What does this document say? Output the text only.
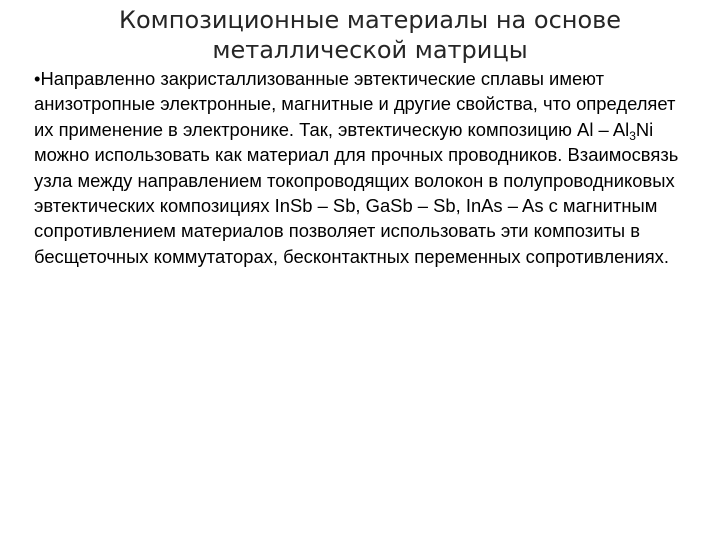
Композиционные материалы на основе
металлической матрицы

•Направленно закристаллизованные эвтектические сплавы имеют анизотропные электронные, магнитные и другие свойства, что определяет их применение в электронике. Так, эвтектическую композицию Al – $Al_3Ni$ можно использовать как материал для прочных проводников. Взаимосвязь узла между направлением токопроводящих волокон в полупроводниковых эвтектических композициях InSb – Sb, GaSb – Sb, InAs – As с магнитным сопротивлением материалов позволяет использовать эти композиты в бесщеточных коммутаторах, бесконтактных переменных сопротивлениях.
